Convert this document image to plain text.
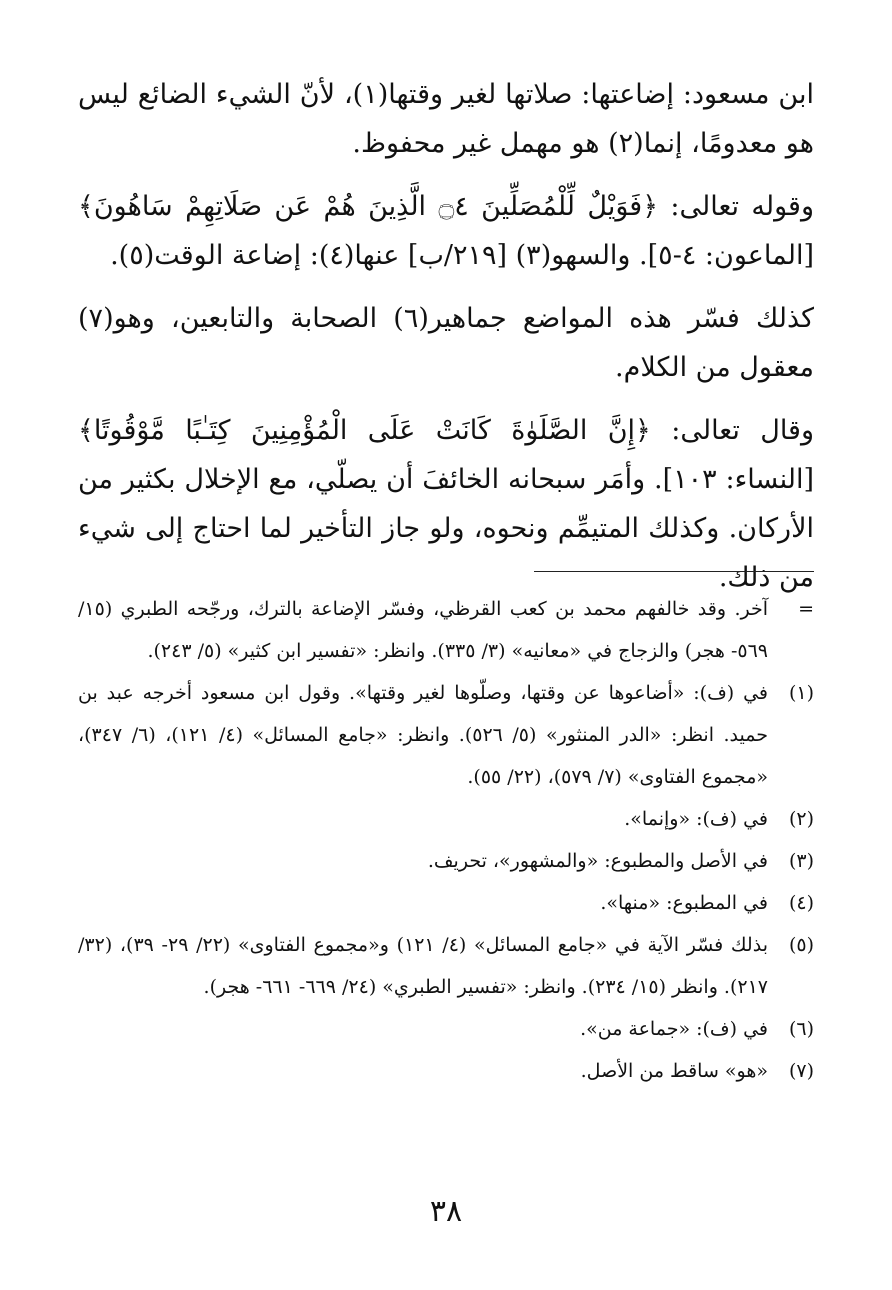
ابن مسعود: إضاعتها: صلاتها لغير وقتها(١)، لأنّ الشيء الضائع ليس هو معدومًا، إنما(٢) هو مهمل غير محفوظ.

وقوله تعالى: ﴿فَوَيْلٌ لِّلْمُصَلِّينَ ۝٤ الَّذِينَ هُمْ عَن صَلَاتِهِمْ سَاهُونَ﴾ [الماعون: ٤-٥]. والسهو(٣) [٢١٩/ب] عنها(٤): إضاعة الوقت(٥).

كذلك فسّر هذه المواضع جماهير(٦) الصحابة والتابعين، وهو(٧) معقول من الكلام.

وقال تعالى: ﴿إِنَّ الصَّلَوٰةَ كَانَتْ عَلَى الْمُؤْمِنِينَ كِتَـٰبًا مَّوْقُوتًا﴾ [النساء: ١٠٣]. وأمَر سبحانه الخائفَ أن يصلّي، مع الإخلال بكثير من الأركان. وكذلك المتيمِّم ونحوه، ولو جاز التأخير لما احتاج إلى شيء من ذلك.

=
آخر. وقد خالفهم محمد بن كعب القرظي، وفسّر الإضاعة بالترك، ورجّحه الطبري (١٥/ ٥٦٩- هجر) والزجاج في «معانيه» (٣/ ٣٣٥). وانظر: «تفسير ابن كثير» (٥/ ٢٤٣).
(١)
في (ف): «أضاعوها عن وقتها، وصلّوها لغير وقتها». وقول ابن مسعود أخرجه عبد بن حميد. انظر: «الدر المنثور» (٥/ ٥٢٦). وانظر: «جامع المسائل» (٤/ ١٢١)، (٦/ ٣٤٧)، «مجموع الفتاوى» (٧/ ٥٧٩)، (٢٢/ ٥٥).
(٢)
في (ف): «وإنما».
(٣)
في الأصل والمطبوع: «والمشهور»، تحريف.
(٤)
في المطبوع: «منها».
(٥)
بذلك فسّر الآية في «جامع المسائل» (٤/ ١٢١) و«مجموع الفتاوى» (٢٢/ ٢٩- ٣٩)، (٣٢/ ٢١٧). وانظر (١٥/ ٢٣٤). وانظر: «تفسير الطبري» (٢٤/ ٦٦٩- ٦٦١- هجر).
(٦)
في (ف): «جماعة من».
(٧)
«هو» ساقط من الأصل.
٣٨
